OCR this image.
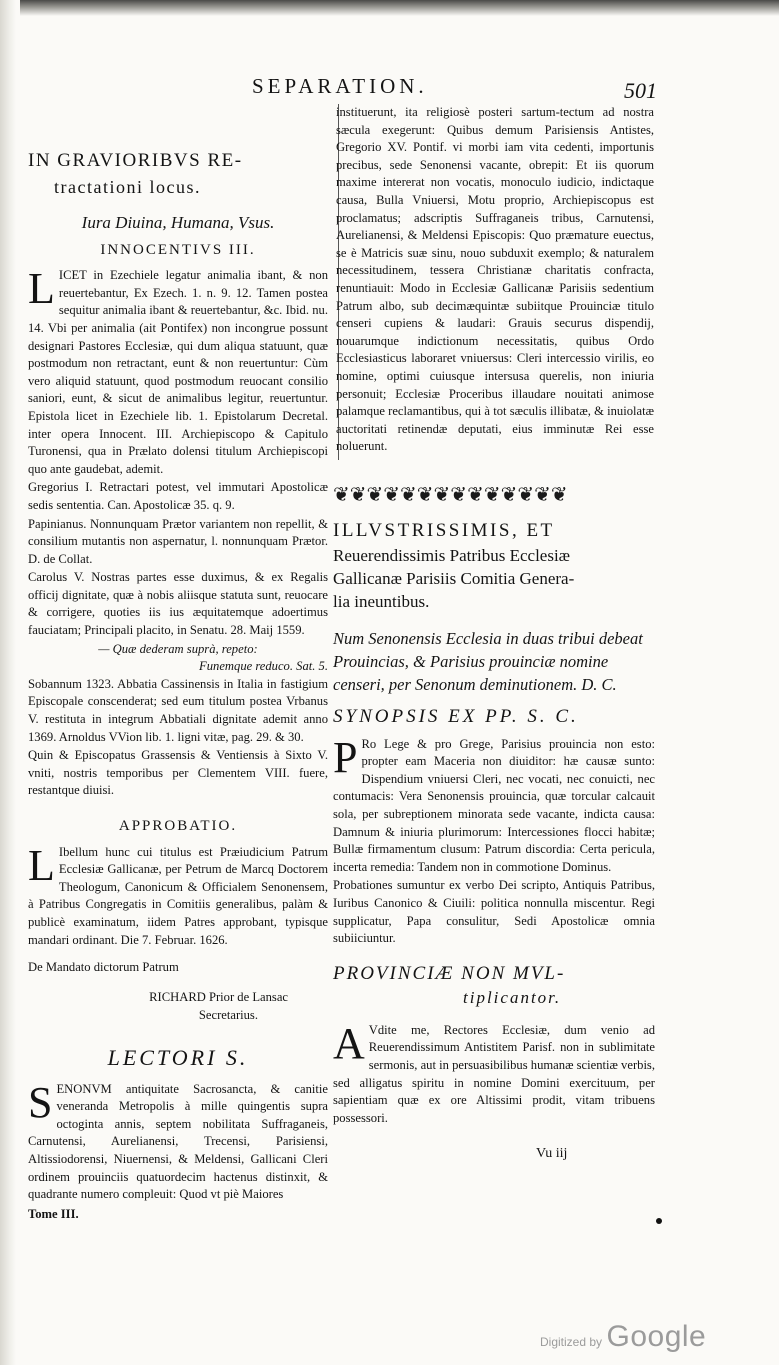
SEPARATION.	501
IN GRAVIORIBVS RE-
tractationi locus.
Iura Diuina, Humana, Vsus.
INNOCENTIVS III.

LICET in Ezechiele legatur animalia ibant, & non reuertebantur, Ex Ezech. 1. n. 9. 12. Tamen postea sequitur animalia ibant & reuertebantur, &c. Ibid. nu. 14. Vbi per animalia (ait Pontifex) non incongrue possunt designari Pastores Ecclesiæ, qui dum aliqua statuunt, quæ postmodum non retractant, eunt & non reuertuntur: Cùm vero aliquid statuunt, quod postmodum reuocant consilio saniori, eunt, & sicut de animalibus legitur, reuertuntur. Epistola licet in Ezechiele lib. 1. Epistolarum Decretal. inter opera Innocent. III. Archiepiscopo & Capitulo Turonensi, qua in Prælato dolensi titulum Archiepiscopi quo ante gaudebat, ademit.

Gregorius I. Retractari potest, vel immutari Apostolicæ sedis sententia. Can. Apostolicæ 35. q. 9.

Papinianus. Nonnunquam Prætor variantem non repellit, & consilium mutantis non aspernatur, l. nonnunquam Prætor. D. de Collat.

Carolus V. Nostras partes esse duximus, & ex Regalis officij dignitate, quæ à nobis aliisque statuta sunt, reuocare & corrigere, quoties iis ius æquitatemque adoertimus fauciatam; Principali placito, in Senatu. 28. Maij 1559.

— Quæ dederam suprà, repeto:

Funemque reduco. Sat. 5.

Sobannum 1323. Abbatia Cassinensis in Italia in fastigium Episcopale conscenderat; sed eum titulum postea Vrbanus V. restituta in integrum Abbatiali dignitate ademit anno 1369. Arnoldus VVion lib. 1. ligni vitæ, pag. 29. & 30.

Quin & Episcopatus Grassensis & Ventiensis à Sixto V. vniti, nostris temporibus per Clementem VIII. fuere, restantque diuisi.

APPROBATIO.

LIbellum hunc cui titulus est Præiudicium Patrum Ecclesiæ Gallicanæ, per Petrum de Marcq Doctorem Theologum, Canonicum & Officialem Senonensem, à Patribus Congregatis in Comitiis generalibus, palàm & publicè examinatum, iidem Patres approbant, typisque mandari ordinant. Die 7. Februar. 1626.

De Mandato dictorum Patrum

RICHARD Prior de Lansac

Secretarius.

LECTORI S.

SENONVM antiquitate Sacrosancta, & canitie veneranda Metropolis à mille quingentis supra octoginta annis, septem nobilitata Suffraganeis, Carnutensi, Aurelianensi, Trecensi, Parisiensi, Altissiodorensi, Niuernensi, & Meldensi, Gallicani Cleri ordinem prouinciis quatuordecim hactenus distinxit, & quadrante numero compleuit: Quod vt piè Maiores

Tome III.

instituerunt, ita religiosè posteri sartum-tectum ad nostra sæcula exegerunt: Quibus demum Parisiensis Antistes, Gregorio XV. Pontif. vi morbi iam vita cedenti, importunis precibus, sede Senonensi vacante, obrepit: Et iis quorum maxime intererat non vocatis, monoculo iudicio, indictaque causa, Bulla Vniuersi, Motu proprio, Archiepiscopus est proclamatus; adscriptis Suffraganeis tribus, Carnutensi, Aurelianensi, & Meldensi Episcopis: Quo præmature euectus, se è Matricis suæ sinu, nouo subduxit exemplo; & naturalem necessitudinem, tessera Christianæ charitatis confracta, renuntiauit: Modo in Ecclesiæ Gallicanæ Parisiis sedentium Patrum albo, sub decimæquintæ subiitque Prouinciæ titulo censeri cupiens & laudari: Grauis securus dispendij, nouarumque indictionum necessitatis, quibus Ordo Ecclesiasticus laboraret vniuersus: Cleri intercessio virilis, eo nomine, optimi cuiusque intersusa querelis, non iniuria personuit; Ecclesiæ Proceribus illaudare nouitati animose palamque reclamantibus, qui à tot sæculis illibatæ, & inuiolatæ auctoritati retinendæ deputati, eius imminutæ Rei esse noluerunt.

❦❦❦❦❦❦❦❦❦❦❦❦❦❦
ILLVSTRISSIMIS, ET

Reuerendissimis Patribus Ecclesiæ

Gallicanæ Parisiis Comitia Genera-

lia ineuntibus.

Num Senonensis Ecclesia in duas tribui debeat Prouincias, & Parisius prouinciæ nomine censeri, per Senonum deminutionem. D. C.

SYNOPSIS EX PP. S. C.

PRo Lege & pro Grege, Parisius prouincia non esto: propter eam Maceria non diuiditor: hæ causæ sunto: Dispendium vniuersi Cleri, nec vocati, nec conuicti, nec contumacis: Vera Senonensis prouincia, quæ torcular calcauit sola, per subreptionem minorata sede vacante, indicta causa: Damnum & iniuria plurimorum: Intercessiones flocci habitæ; Bullæ firmamentum clusum: Patrum discordia: Certa pericula, incerta remedia: Tandem non in commotione Dominus.

Probationes sumuntur ex verbo Dei scripto, Antiquis Patribus, Iuribus Canonico & Ciuili: politica nonnulla miscentur. Regi supplicatur, Papa consulitur, Sedi Apostolicæ omnia subiiciuntur.

PROVINCIÆ NON MVL-
tiplicantor.

AVdite me, Rectores Ecclesiæ, dum venio ad Reuerendissimum Antistitem Parisf. non in sublimitate sermonis, aut in persuasibilibus humanæ scientiæ verbis, sed alligatus spiritu in nomine Domini exercituum, per sapientiam quæ ex ore Altissimi prodit, vitam tribuens possessori.

Vu iij
Digitized by Google
